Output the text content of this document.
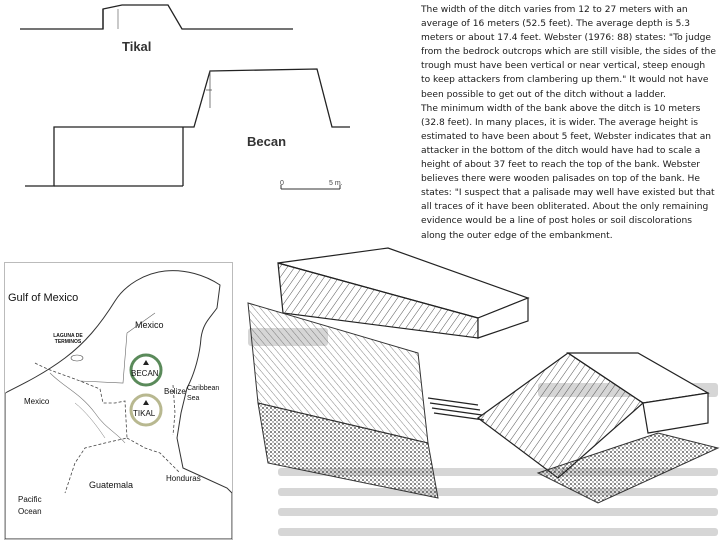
Tikal
Becan
0	5 m.

The width of the ditch varies from 12 to 27 meters with an average of 16 meters (52.5 feet). The average depth is 5.3 meters or about 17.4 feet. Webster (1976: 88) states: "To judge from the bedrock outcrops which are still visible, the sides of the trough must have been vertical or near vertical, steep enough to keep attackers from clambering up them." It would not have been possible to get out of the ditch without a ladder.

The minimum width of the bank above the ditch is 10 meters (32.8 feet). In many places, it is wider. The average height is estimated to have been about 5 feet, Webster indicates that an attacker in the bottom of the ditch would have had to scale a height of about 37 feet to reach the top of the bank. Webster believes there were wooden palisades on top of the bank. He states: "I suspect that a palisade may well have existed but that all traces of it have been obliterated. About the only remaining evidence would be a line of post holes or soil discolorations along the outer edge of the embankment.

Gulf of Mexico
Mexico
LAGUNA DE TERMINOS
BECAN
TIKAL
Belize Caribbean Sea
Mexico
Guatemala
Honduras
Pacific Ocean
